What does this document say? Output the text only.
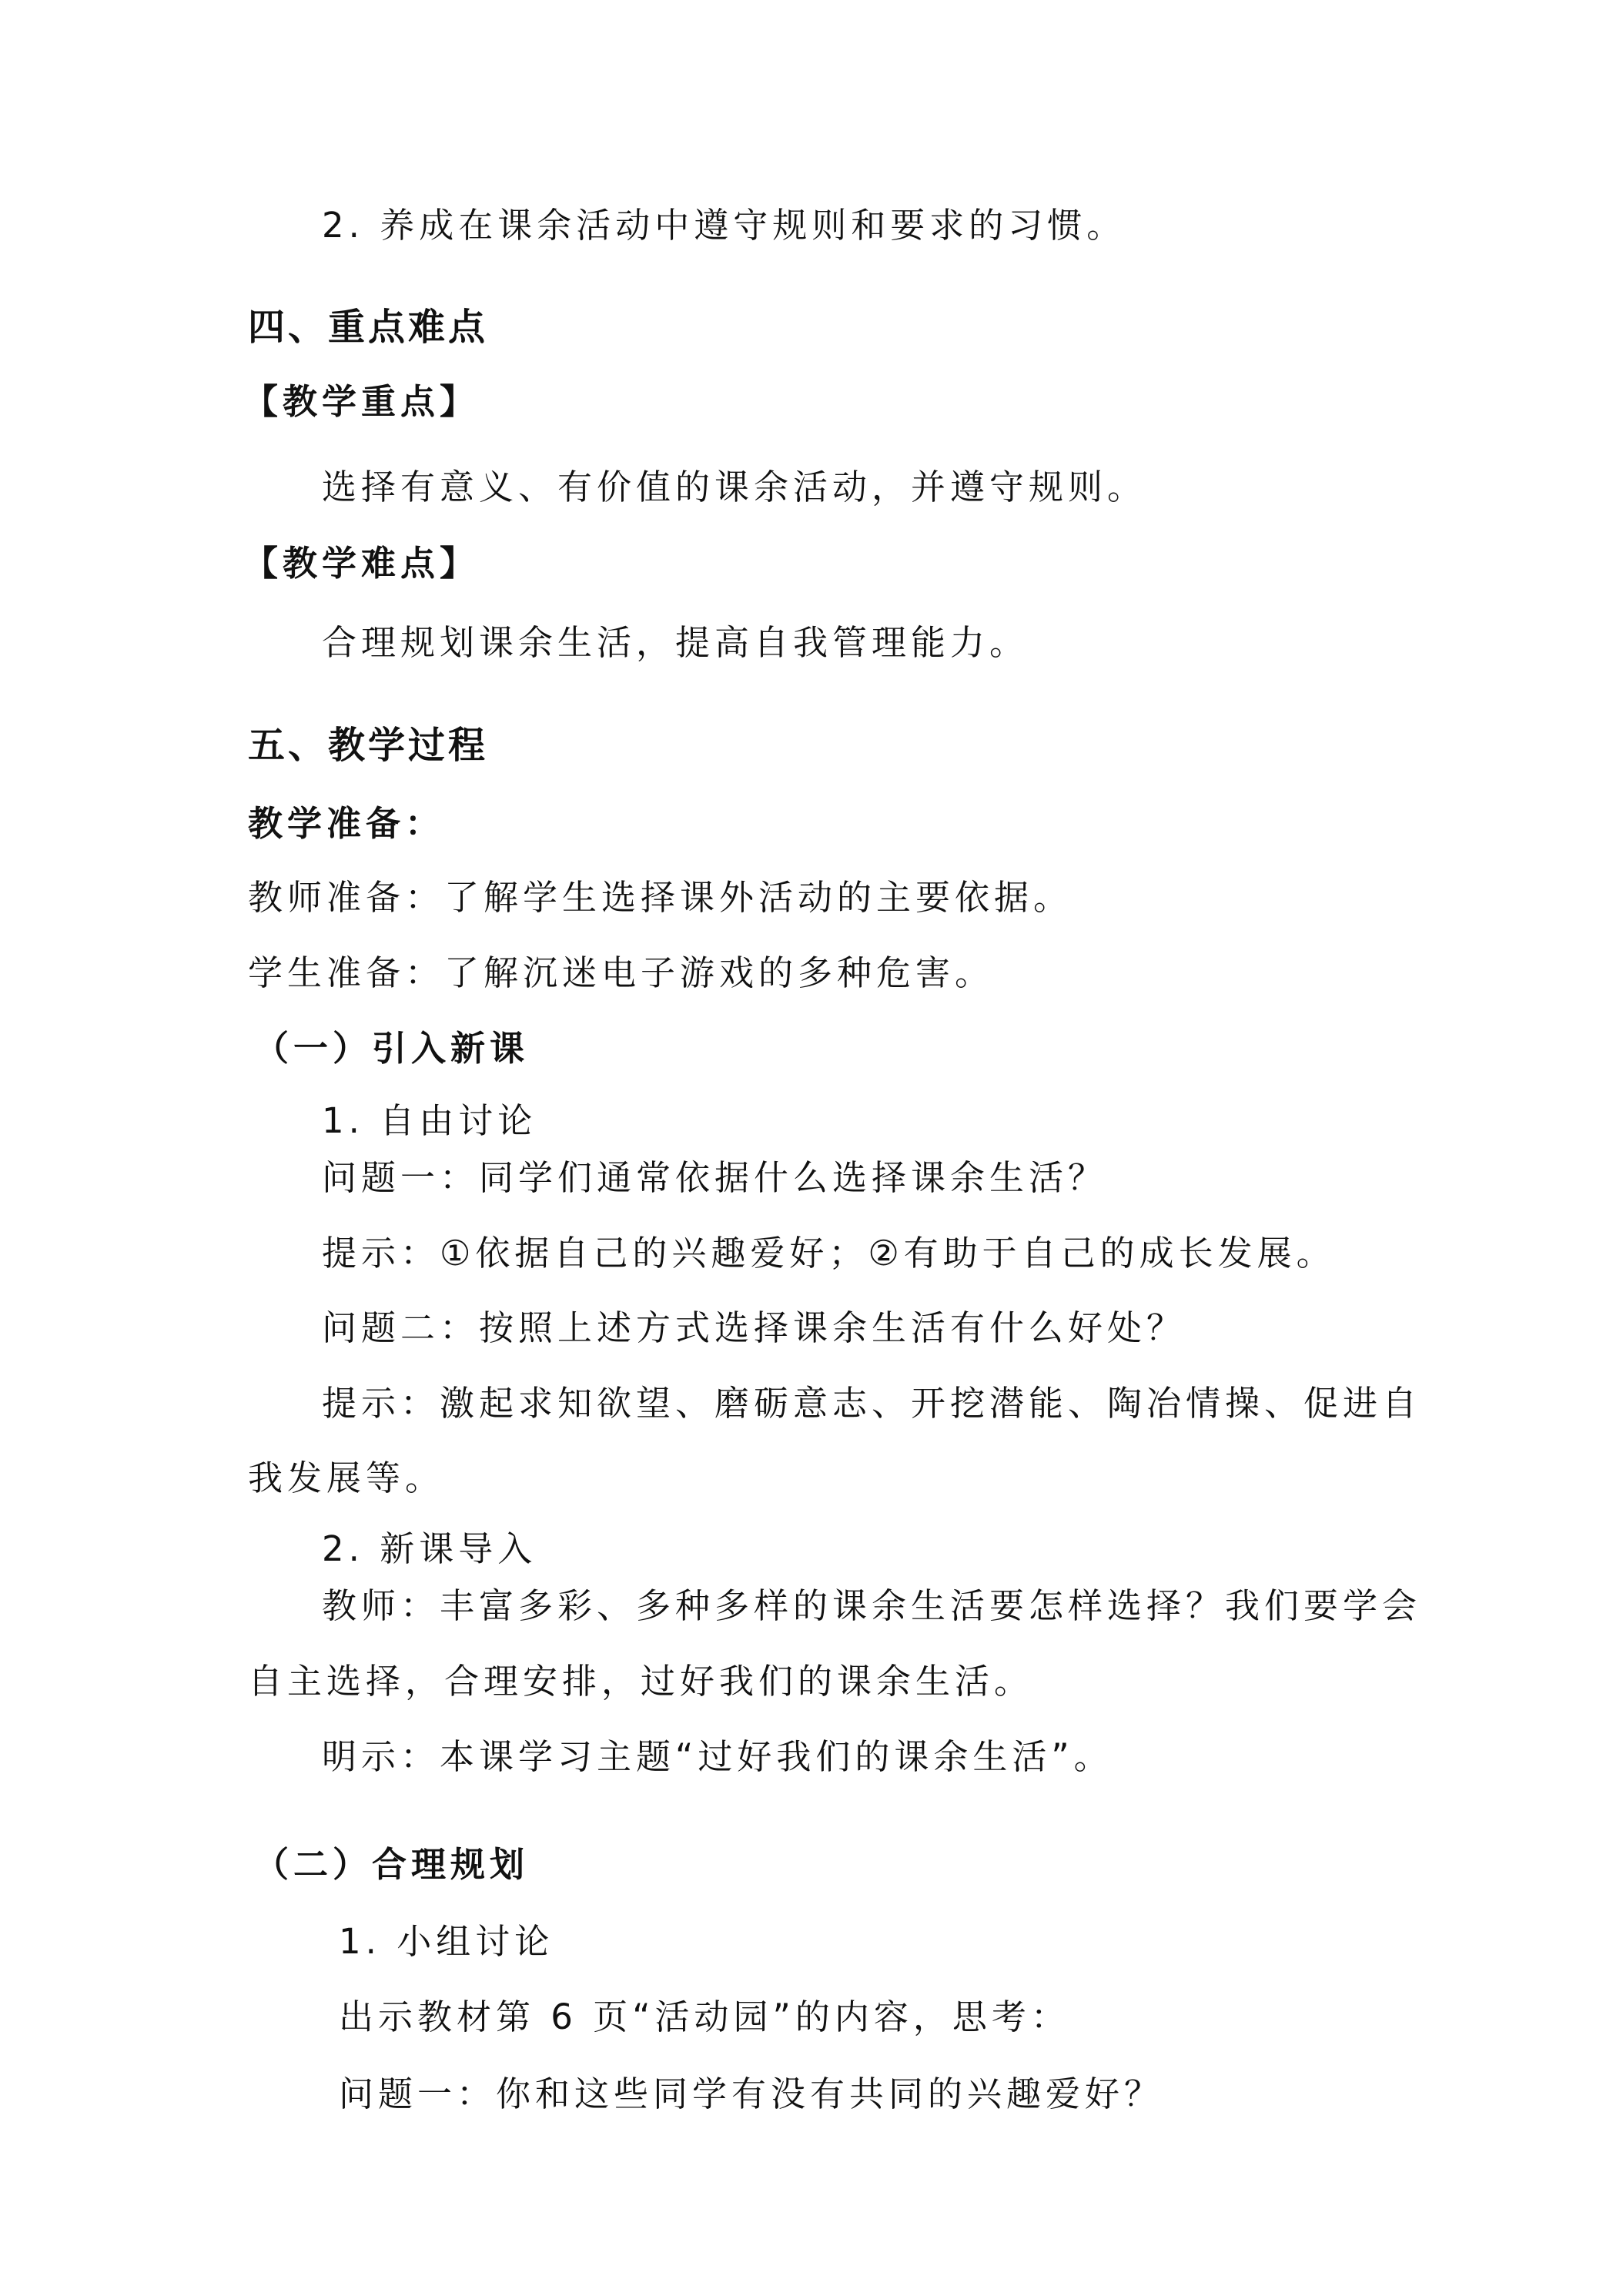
2. 养成在课余活动中遵守规则和要求的习惯。
四、重点难点
【教学重点】
选择有意义、有价值的课余活动，并遵守规则。
【教学难点】
合理规划课余生活，提高自我管理能力。
五、教学过程
教学准备：
教师准备：了解学生选择课外活动的主要依据。
学生准备：了解沉迷电子游戏的多种危害。
（一）引入新课
1. 自由讨论
问题一：同学们通常依据什么选择课余生活？
提示：①依据自己的兴趣爱好；②有助于自己的成长发展。
问题二：按照上述方式选择课余生活有什么好处？
提示：激起求知欲望、磨砺意志、开挖潜能、陶冶情操、促进自
我发展等。
2. 新课导入
教师：丰富多彩、多种多样的课余生活要怎样选择？我们要学会
自主选择，合理安排，过好我们的课余生活。
明示：本课学习主题“过好我们的课余生活”。
（二）合理规划
1. 小组讨论
出示教材第 6 页“活动园”的内容，思考：
问题一：你和这些同学有没有共同的兴趣爱好？
